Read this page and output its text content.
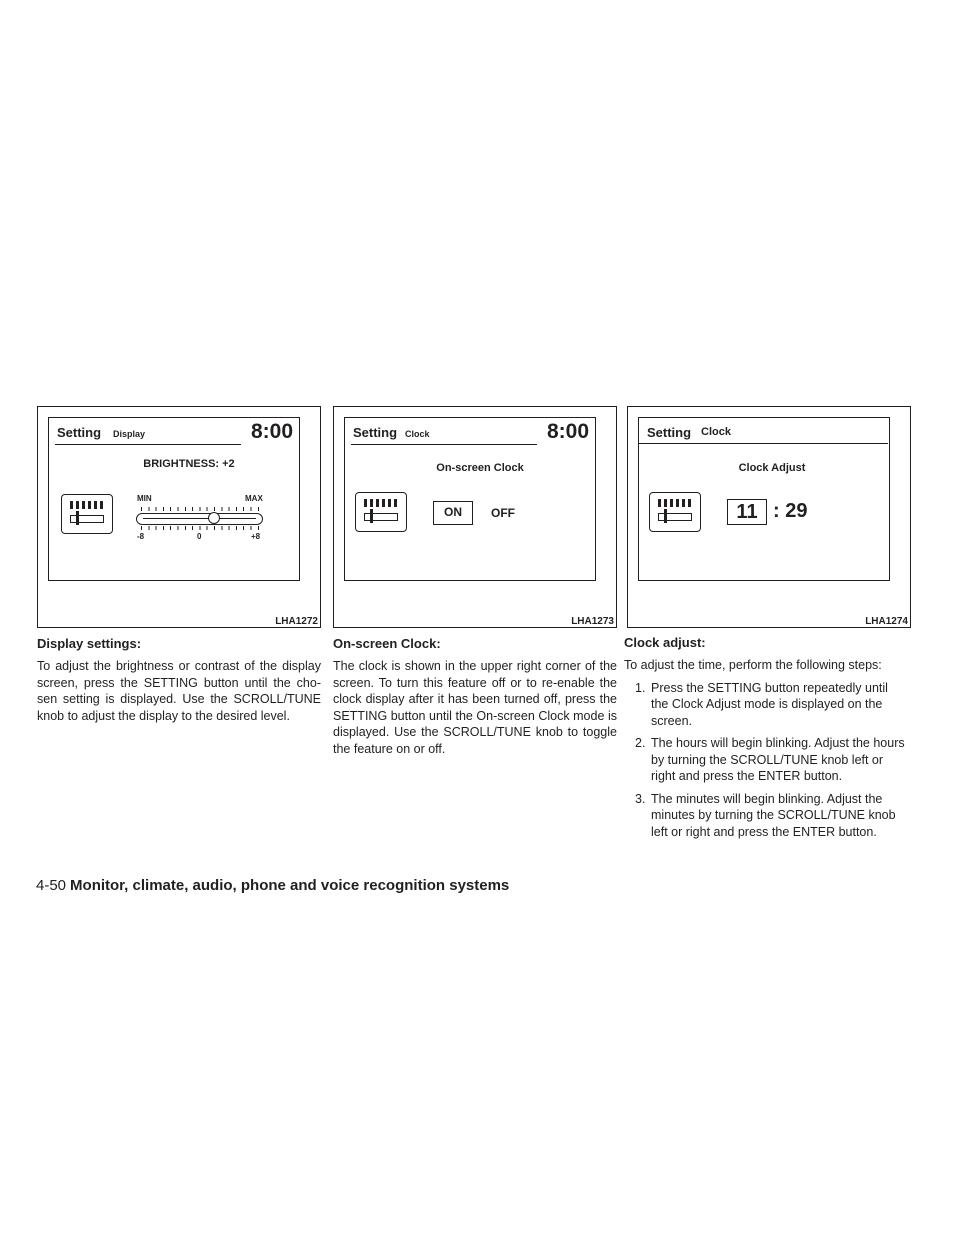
Setting Display	8:00
BRIGHTNESS: +2
MIN	MAX
-8	0	+8
LHA1272
Setting Clock	8:00
On-screen Clock
ON	OFF
LHA1273
Setting Clock
Clock Adjust
11 : 29
LHA1274
Display settings:

To adjust the brightness or contrast of the display screen, press the SETTING button until the cho-sen setting is displayed. Use the SCROLL/TUNE knob to adjust the display to the desired level.

On-screen Clock:

The clock is shown in the upper right corner of the screen. To turn this feature off or to re-enable the clock display after it has been turned off, press the SETTING button until the On-screen Clock mode is displayed. Use the SCROLL/TUNE knob to toggle the feature on or off.

Clock adjust:

To adjust the time, perform the following steps:

1. Press the SETTING button repeatedly until the Clock Adjust mode is displayed on the screen.
2. The hours will begin blinking. Adjust the hours by turning the SCROLL/TUNE knob left or right and press the ENTER button.
3. The minutes will begin blinking. Adjust the minutes by turning the SCROLL/TUNE knob left or right and press the ENTER button.
4-50 Monitor, climate, audio, phone and voice recognition systems
